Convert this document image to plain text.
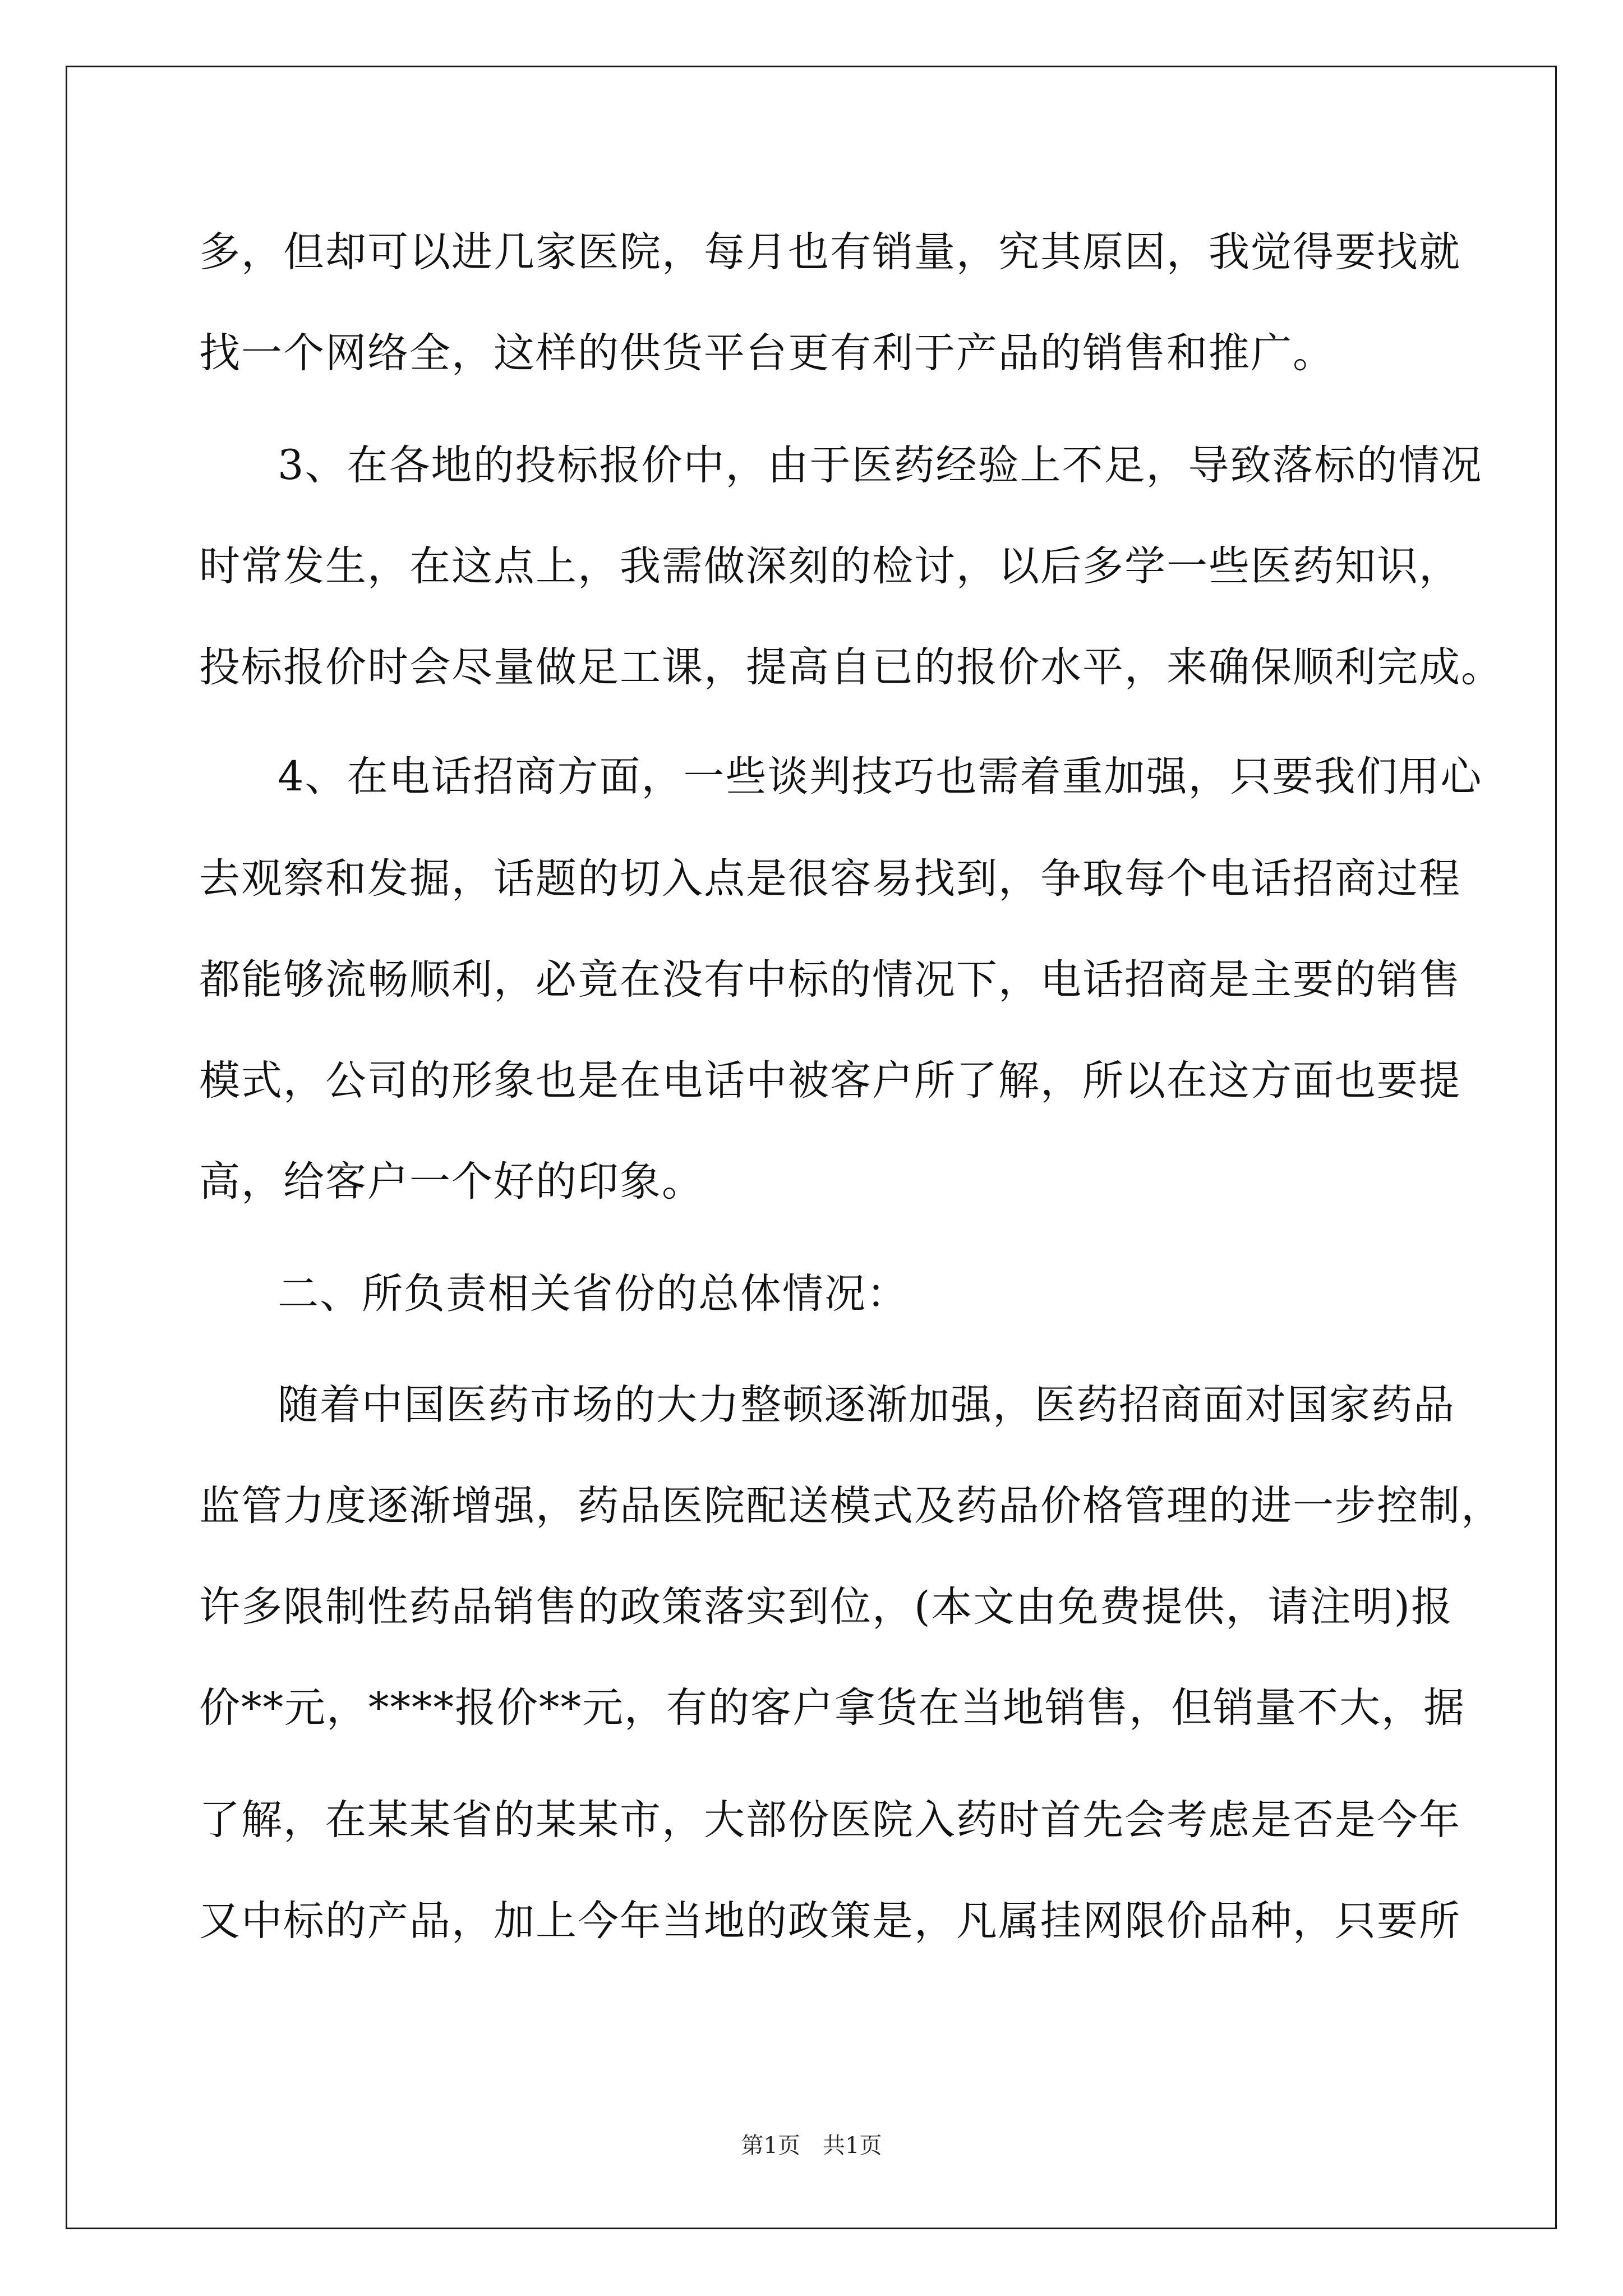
多，但却可以进几家医院，每月也有销量，究其原因，我觉得要找就
找一个网络全，这样的供货平台更有利于产品的销售和推广。
3、在各地的投标报价中，由于医药经验上不足，导致落标的情况
时常发生，在这点上，我需做深刻的检讨，以后多学一些医药知识，
投标报价时会尽量做足工课，提高自已的报价水平，来确保顺利完成。
4、在电话招商方面，一些谈判技巧也需着重加强，只要我们用心
去观察和发掘，话题的切入点是很容易找到，争取每个电话招商过程
都能够流畅顺利，必竟在没有中标的情况下，电话招商是主要的销售
模式，公司的形象也是在电话中被客户所了解，所以在这方面也要提
高，给客户一个好的印象。
二、所负责相关省份的总体情况：
随着中国医药市场的大力整顿逐渐加强，医药招商面对国家药品
监管力度逐渐增强，药品医院配送模式及药品价格管理的进一步控制，
许多限制性药品销售的政策落实到位，(本文由免费提供，请注明)报
价**元，****报价**元，有的客户拿货在当地销售，但销量不大，据
了解，在某某省的某某市，大部份医院入药时首先会考虑是否是今年
又中标的产品，加上今年当地的政策是，凡属挂网限价品种，只要所
第1页　共1页
